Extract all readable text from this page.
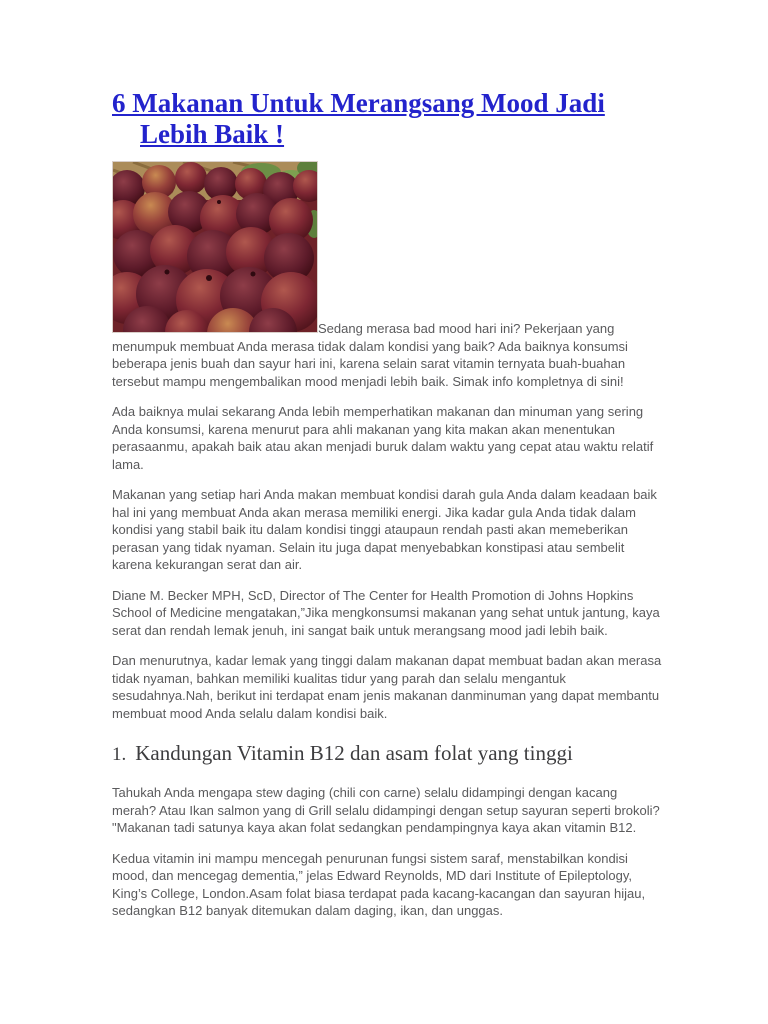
6 Makanan Untuk Merangsang Mood Jadi Lebih Baik !

Sedang merasa bad mood hari ini? Pekerjaan yang menumpuk membuat Anda merasa tidak dalam kondisi yang baik? Ada baiknya konsumsi beberapa jenis buah dan sayur hari ini, karena selain sarat vitamin ternyata buah-buahan tersebut mampu mengembalikan mood menjadi lebih baik. Simak info kompletnya di sini!

Ada baiknya mulai sekarang Anda lebih memperhatikan makanan dan minuman yang sering Anda konsumsi, karena menurut para ahli makanan yang kita makan akan menentukan perasaanmu, apakah baik atau akan menjadi buruk dalam waktu yang cepat atau waktu relatif lama.

Makanan yang setiap hari Anda makan membuat kondisi darah gula Anda dalam keadaan baik hal ini yang membuat Anda akan merasa memiliki energi. Jika kadar gula Anda tidak dalam kondisi yang stabil baik itu dalam kondisi tinggi ataupaun rendah pasti akan memeberikan perasan yang tidak nyaman. Selain itu juga dapat menyebabkan konstipasi atau sembelit karena kekurangan serat dan air.

Diane M. Becker MPH, ScD, Director of The Center for Health Promotion di Johns Hopkins School of Medicine mengatakan,”Jika mengkonsumsi makanan yang sehat untuk jantung, kaya serat dan rendah lemak jenuh, ini sangat baik untuk merangsang mood jadi lebih baik.

Dan menurutnya, kadar lemak yang tinggi dalam makanan dapat membuat badan akan merasa tidak nyaman, bahkan memiliki kualitas tidur yang parah dan selalu mengantuk sesudahnya.Nah, berikut ini terdapat enam jenis makanan danminuman yang dapat membantu membuat mood Anda selalu dalam kondisi baik.

1. Kandungan Vitamin B12 dan asam folat yang tinggi

Tahukah Anda mengapa stew daging (chili con carne) selalu didampingi dengan kacang merah? Atau Ikan salmon yang di Grill selalu didampingi dengan setup sayuran seperti brokoli? "Makanan tadi satunya kaya akan folat sedangkan pendampingnya kaya akan vitamin B12.

Kedua vitamin ini mampu mencegah penurunan fungsi sistem saraf, menstabilkan kondisi mood, dan mencegag dementia,” jelas Edward Reynolds, MD dari Institute of Epileptology, King’s College, London.Asam folat biasa terdapat pada kacang-kacangan dan sayuran hijau, sedangkan B12 banyak ditemukan dalam daging, ikan, dan unggas.
